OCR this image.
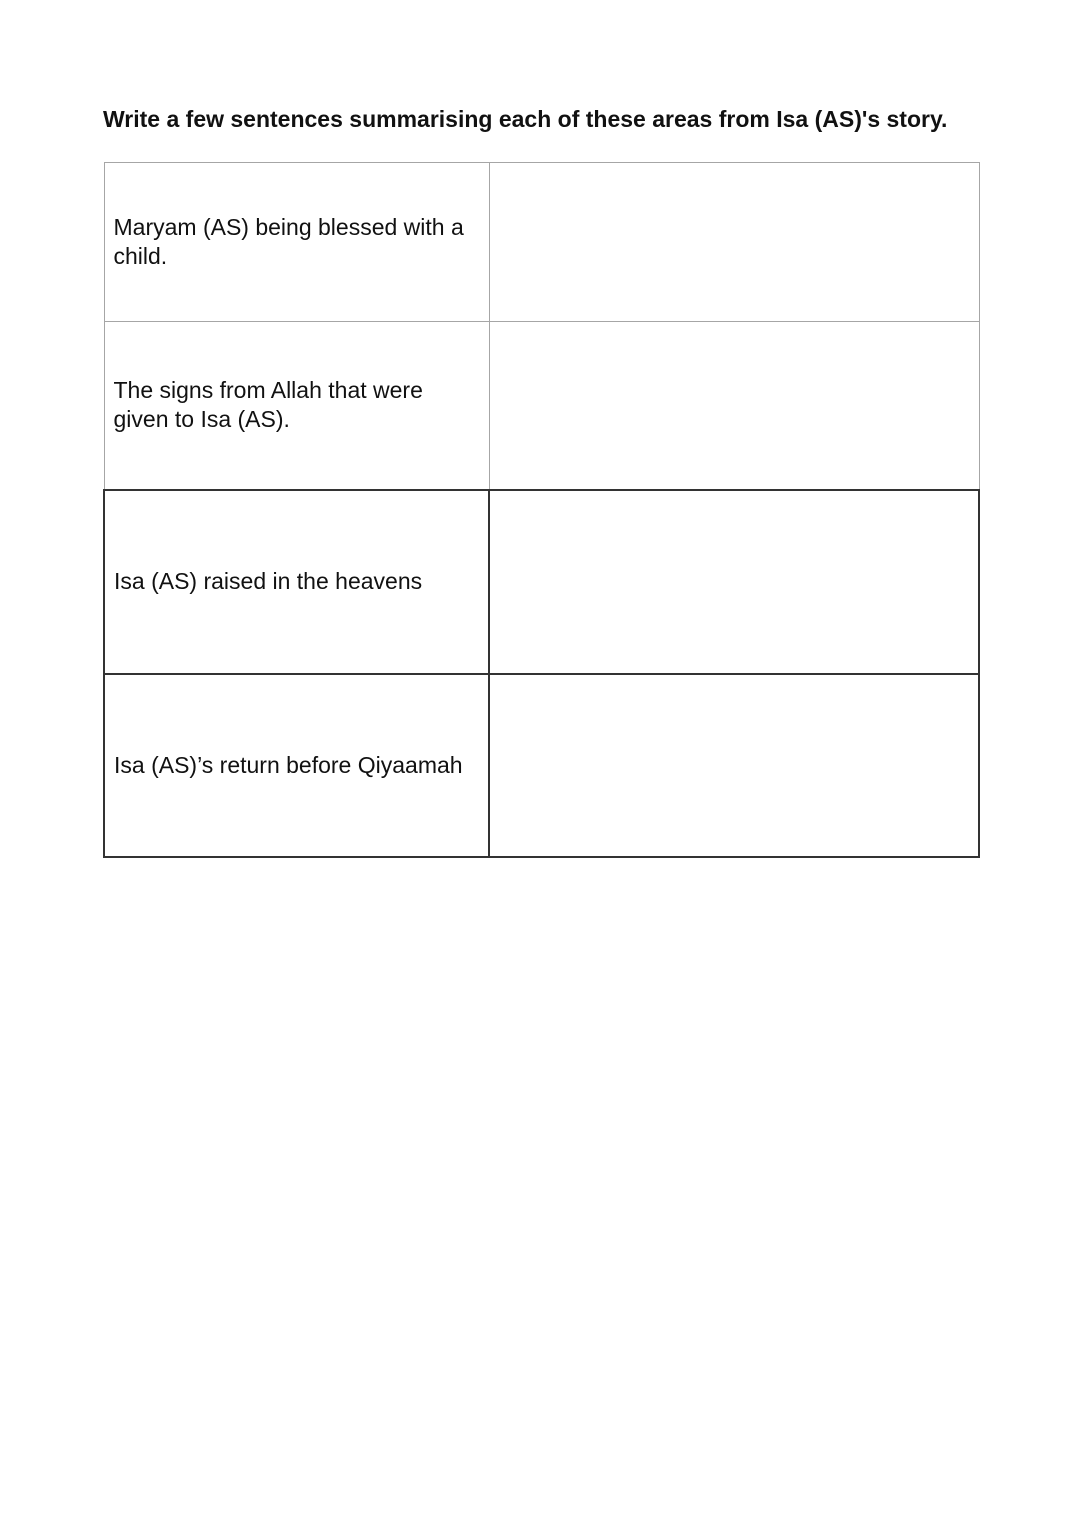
Write a few sentences summarising each of these areas from Isa (AS)'s story.
Maryam (AS) being blessed with a child.	
The signs from Allah that were given to Isa (AS).	
Isa (AS) raised in the heavens	
Isa (AS)’s return before Qiyaamah	
